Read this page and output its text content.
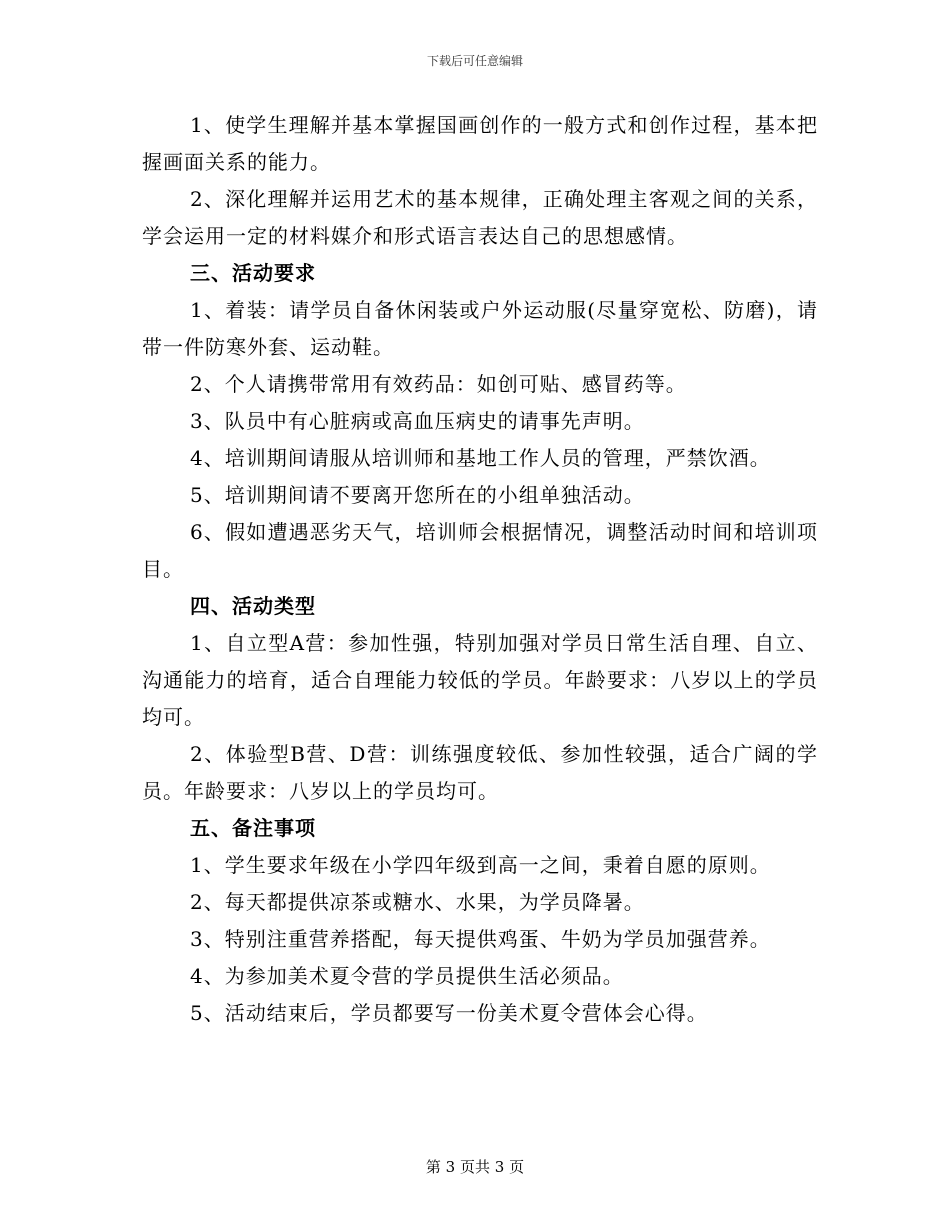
下载后可任意编辑

1、使学生理解并基本掌握国画创作的一般方式和创作过程，基本把握画面关系的能力。

2、深化理解并运用艺术的基本规律，正确处理主客观之间的关系，学会运用一定的材料媒介和形式语言表达自己的思想感情。

三、活动要求

1、着装：请学员自备休闲装或户外运动服(尽量穿宽松、防磨)，请带一件防寒外套、运动鞋。

2、个人请携带常用有效药品：如创可贴、感冒药等。

3、队员中有心脏病或高血压病史的请事先声明。

4、培训期间请服从培训师和基地工作人员的管理，严禁饮酒。

5、培训期间请不要离开您所在的小组单独活动。

6、假如遭遇恶劣天气，培训师会根据情况，调整活动时间和培训项目。

四、活动类型

1、自立型A营：参加性强，特别加强对学员日常生活自理、自立、沟通能力的培育，适合自理能力较低的学员。年龄要求：八岁以上的学员均可。

2、体验型B营、D营：训练强度较低、参加性较强，适合广阔的学员。年龄要求：八岁以上的学员均可。

五、备注事项

1、学生要求年级在小学四年级到高一之间，秉着自愿的原则。

2、每天都提供凉茶或糖水、水果，为学员降暑。

3、特别注重营养搭配，每天提供鸡蛋、牛奶为学员加强营养。

4、为参加美术夏令营的学员提供生活必须品。

5、活动结束后，学员都要写一份美术夏令营体会心得。

第 3 页共 3 页
